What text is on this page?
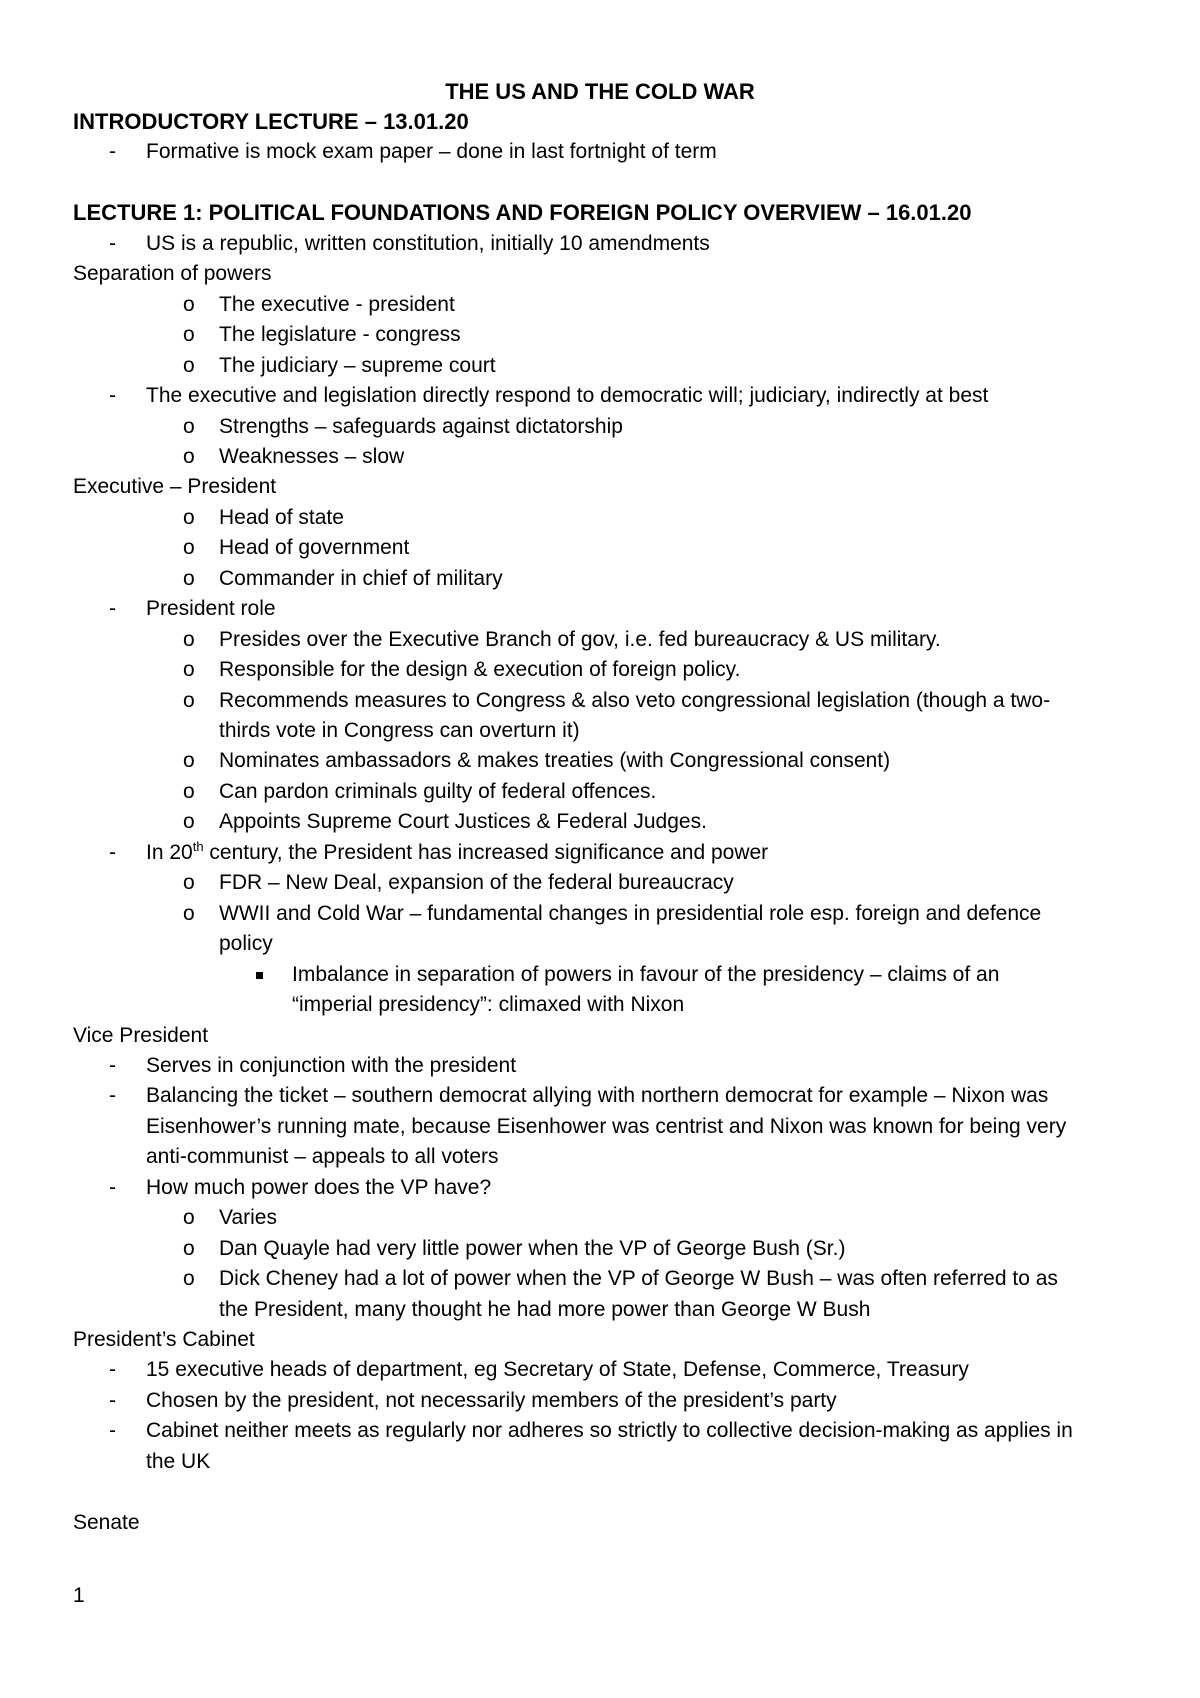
THE US AND THE COLD WAR
INTRODUCTORY LECTURE – 13.01.20
- Formative is mock exam paper – done in last fortnight of term
LECTURE 1: POLITICAL FOUNDATIONS AND FOREIGN POLICY OVERVIEW – 16.01.20
- US is a republic, written constitution, initially 10 amendments
Separation of powers
o The executive - president
o The legislature - congress
o The judiciary – supreme court
- The executive and legislation directly respond to democratic will; judiciary, indirectly at best
o Strengths – safeguards against dictatorship
o Weaknesses – slow
Executive – President
o Head of state
o Head of government
o Commander in chief of military
- President role
o Presides over the Executive Branch of gov, i.e. fed bureaucracy & US military.
o Responsible for the design & execution of foreign policy.
o Recommends measures to Congress & also veto congressional legislation (though a two-
thirds vote in Congress can overturn it)
o Nominates ambassadors & makes treaties (with Congressional consent)
o Can pardon criminals guilty of federal offences.
o Appoints Supreme Court Justices & Federal Judges.
- In 20th century, the President has increased significance and power
o FDR – New Deal, expansion of the federal bureaucracy
o WWII and Cold War – fundamental changes in presidential role esp. foreign and defence
policy
Imbalance in separation of powers in favour of the presidency – claims of an
“imperial presidency”: climaxed with Nixon
Vice President
- Serves in conjunction with the president
- Balancing the ticket – southern democrat allying with northern democrat for example – Nixon was
Eisenhower’s running mate, because Eisenhower was centrist and Nixon was known for being very
anti-communist – appeals to all voters
- How much power does the VP have?
o Varies
o Dan Quayle had very little power when the VP of George Bush (Sr.)
o Dick Cheney had a lot of power when the VP of George W Bush – was often referred to as
the President, many thought he had more power than George W Bush
President’s Cabinet
- 15 executive heads of department, eg Secretary of State, Defense, Commerce, Treasury
- Chosen by the president, not necessarily members of the president’s party
- Cabinet neither meets as regularly nor adheres so strictly to collective decision-making as applies in
the UK
Senate
1
